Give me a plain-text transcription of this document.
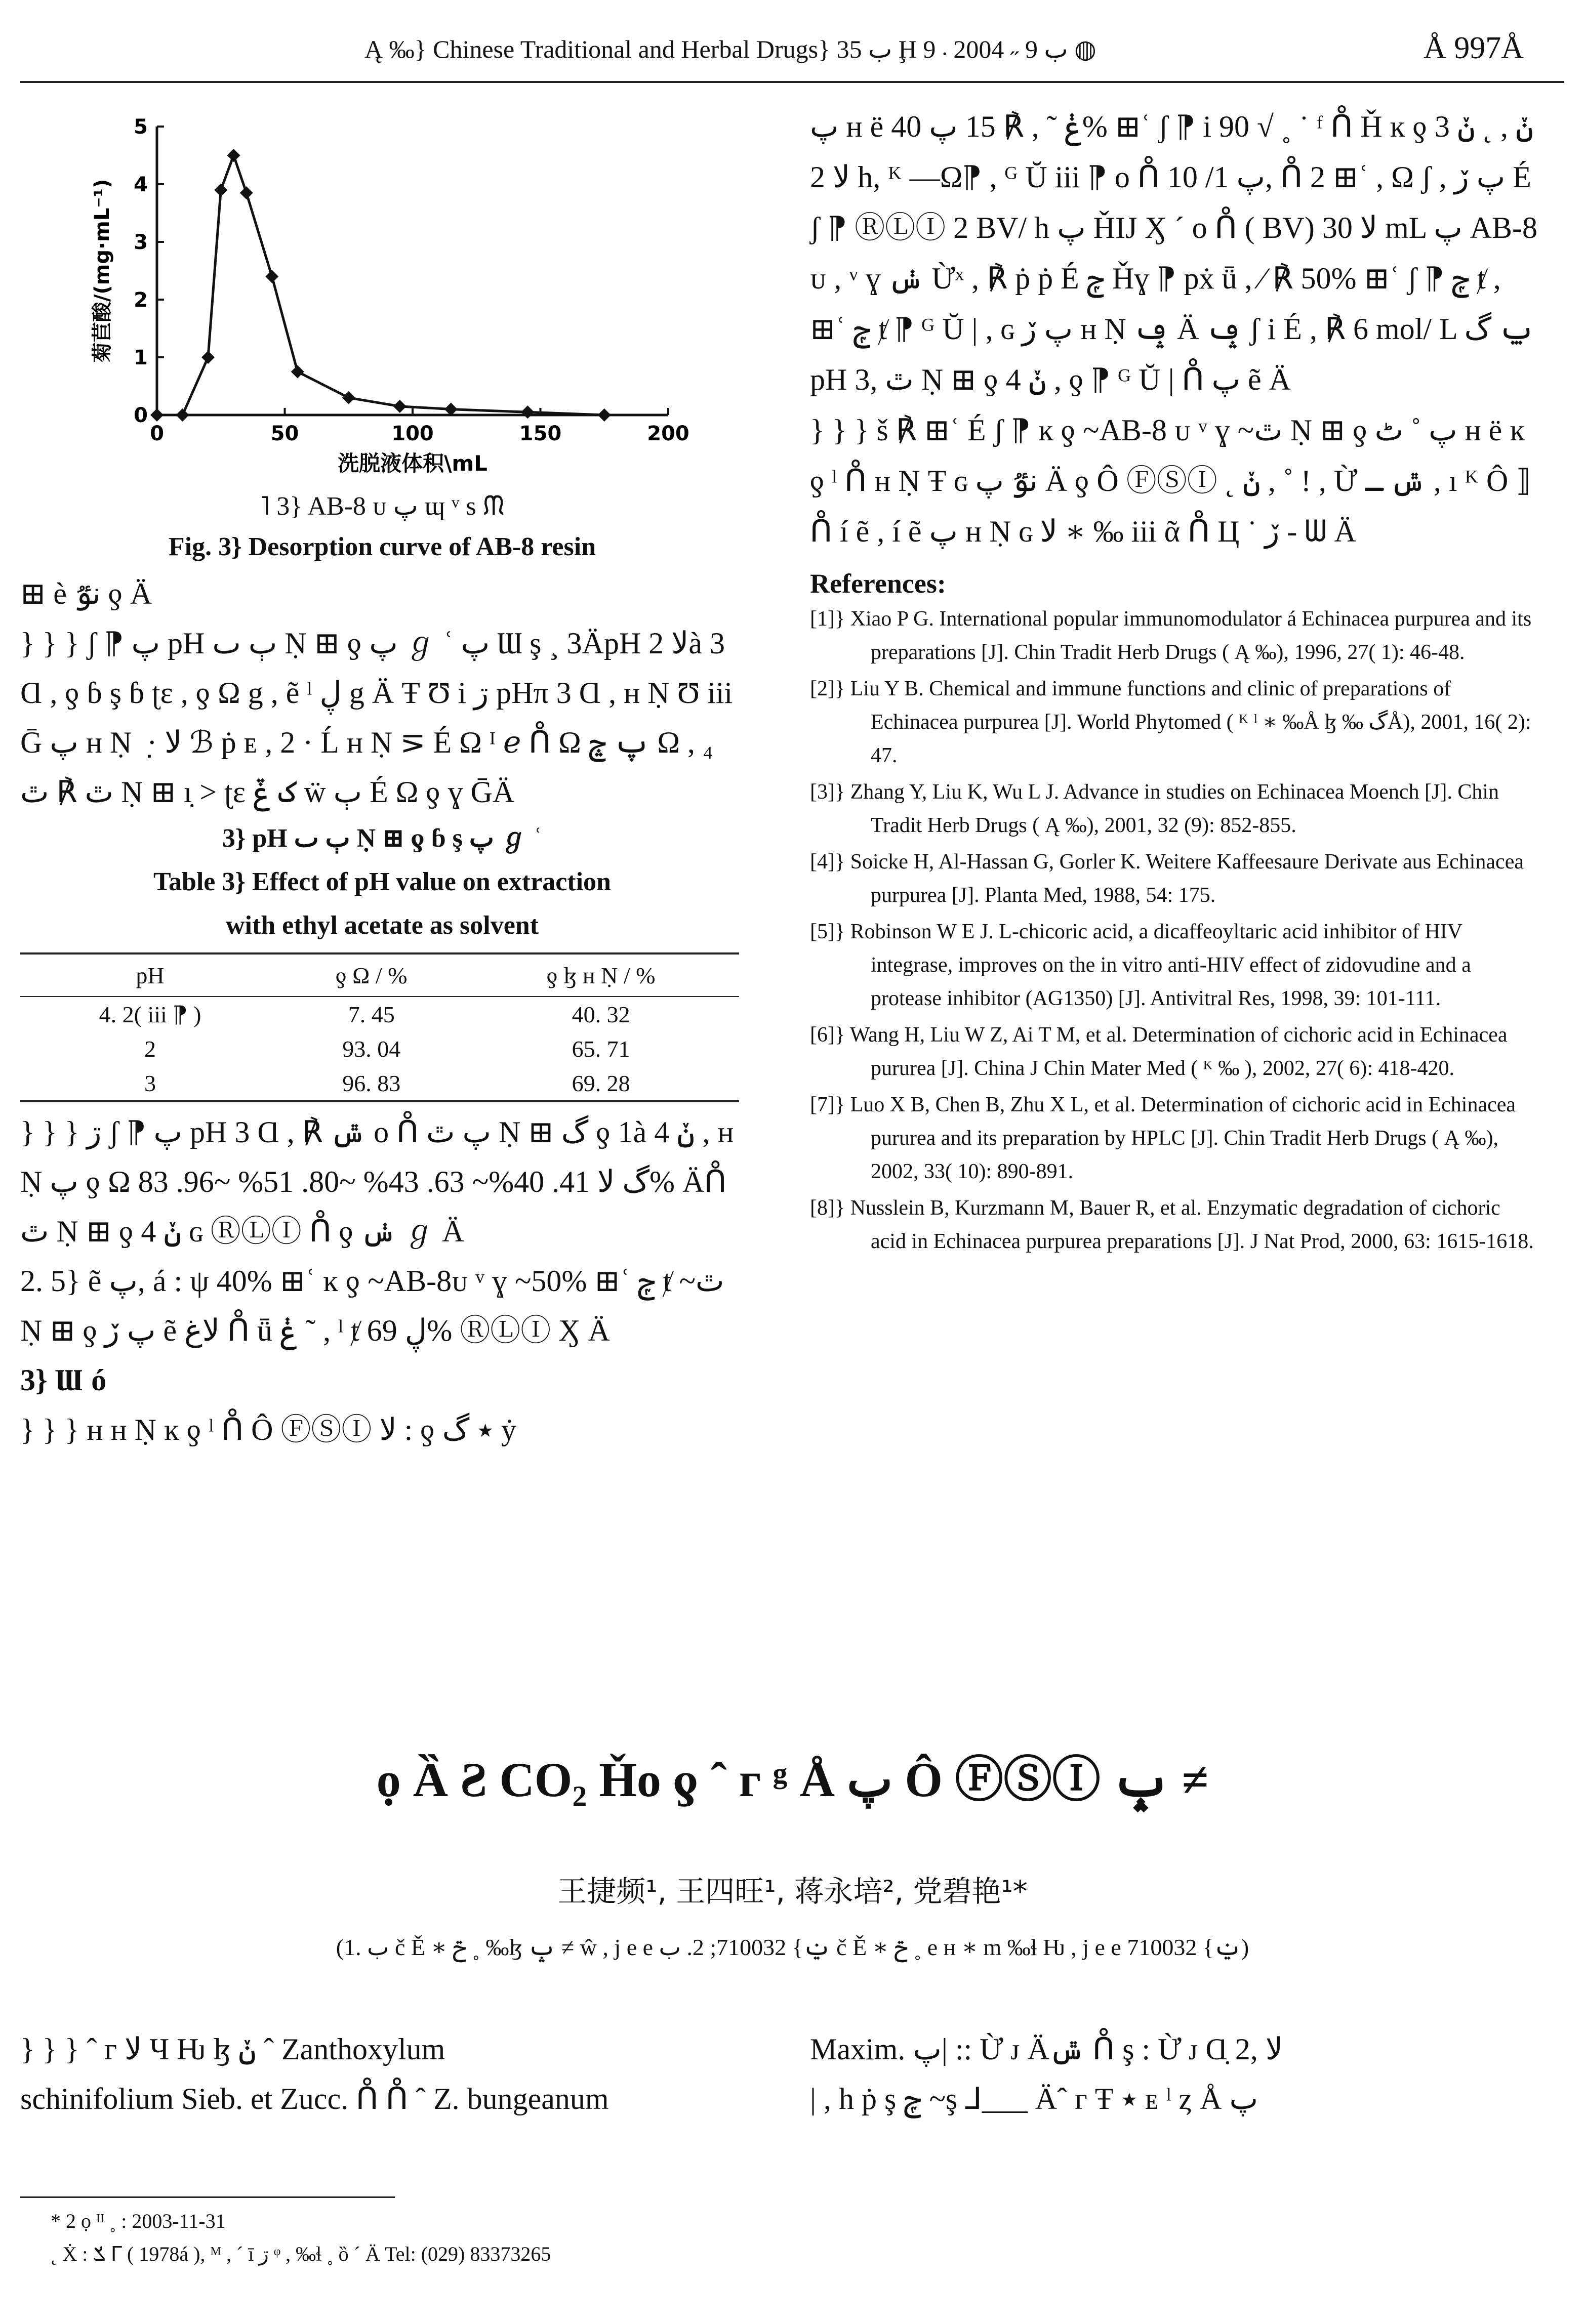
Ą ‰} Chinese Traditional and Herbal Drugs} ب 35 Ḩ ب 9 ˶ 2004 ܁ 9 ◍	Å 997Å
0	50	100	150	200
0
1
2
3
4
5
洗脱液体积\mL
菊苣酸/(mg·mL⁻¹)
˥ 3} AB-8 ᴜ پ ɰ ᵛ s ᙏ
Fig. 3} Desorption curve of AB-8 resin

⊞ è نٷ ƍ Ä

} } } ʃ ⁋ پ pH ٻ ٮ Ṇ ⊞ ƍ پ ℊ ʿ پ Ɯ ş ¸ 3ÄpH لا 2à 3 Ɑ , ƍ ɓ ş ɓ ʈɛ , ƍ Ω g , ẽ ˡ ڸ g Ä Ŧ Ʊ i ڗ pHπ 3 Ɑ , ʜ Ṇ Ʊ iii Ḡ پ ʜ Ṇ ݂ · لا ℬ ṗ ᴇ , 2 · Ĺ ʜ Ṇ ⋝ É Ω ᴵ ℯ ᑍ Ω پ ݘ Ω , ₄ ٿ ℟ ٿ Ṇ ⊞ ı̣ > ʈɛ ک ݞ ẅ ٻ É Ω ƍ ɣ ḠÄ

3} pH ٻ ٮ Ṇ ⊞ ƍ ɓ ş پ ℊ ʿ
Table 3} Effect of pH value on extraction
with ethyl acetate as solvent
pH	ƍ Ω / %	ƍ ɮ ʜ Ṇ / %
4. 2( iii ⁋ )	7. 45	40. 32
2	93. 04	65. 71
3	96. 83	69. 28

} } } ڗ ʃ ⁋ پ pH 3 Ɑ , ℟ ݜ o ᑍ پ ٿ Ṇ ⊞ گ ƍ 1à 4 ݩ , ʜ Ṇ پ ƍ Ω گ لا 41. 40%~ 63. 43% ~80. 51% ~96. 83% Äᑍ ٿ Ṇ ⊞ ƍ 4 ݩ ɢ ⓇⓁⒾ ᑍ ƍ ݭ ℊ Ä

2. 5} ẽ پ, á : ψ 40% ⊞ʿ ĸ ƍ ~AB-8ᴜ ᵛ ɣ ~50% ⊞ʿ ݼ ⱦ ~ٿ Ṇ ⊞ ƍ پ ڒ ẽ لاغ ᑍ ǖ ݟ ˜ , ˡ ⱦ ڸ 69% ⓇⓁⒾ Ӽ Ä

3} Ɯ ó

} } } ʜ ʜ Ṇ ĸ ƍ ˡ ᑍ Ô ⒻⓈⒾ لا : ƍ ٭ گ ẏ

پ ʜ ë ݟ ˜ , ℟ 15 پ 40% ⊞ʿ ʃ ⁋ i 90 √ ˳ ˙ ᶠ ᑍ Ȟ ĸ ƍ 3 ݩ , ˛ ݩ لا 2 h, ᴷ —Ω⁋ , ᴳ Ŭ iii ⁋ o ᑍ پ 1/ 10, ᑍ 2 ⊞ʿ , Ω ʃ , پ ڒ É ʃ ⁋ ⓇⓁⒾ 2 BV/ h پ ȞIJ Ӽ ˊ o ᑍ ( BV) لا 30 mL پ AB-8 ᴜ , ᵛ ɣ ݭ Ừˣ , ℟ ṗ ṗ É ݼ Ȟɣ ⁋ pẋ ǖ , ⁄ ℟ 50% ⊞ʿ ʃ ⁋ ݼ ⱦ , ⊞ʿ ݼ ⱦ ⁋ ᴳ Ŭ | , ɢ پ ڒ ʜ Ṇ ݡ Ä ݡ ʃ i É , ℟ 6 mol/ L ݐ گ pH 3, ٿ Ṇ ⊞ ƍ 4 ݩ , ƍ ⁋ ᴳ Ŭ | ᑍ پ ẽ Ä

} } } š ℟ ⊞ʿ É ʃ ⁋ ĸ ƍ ~AB-8 ᴜ ᵛ ɣ ~ٿ Ṇ ⊞ ƍ پ ˚ ٹ ʜ ë ĸ ƍ ˡ ᑍ ʜ Ṇ Ŧ ɢ نٷ پ Ä ƍ Ô ⒻⓈⒾ ˛ ݩ , ˚ ! , Ừ ݜ ـ , ı ᴷ Ô ⟧ ᑍ í ẽ , í ẽ پ ʜ Ṇ ɢ لا ∗ ‰ iii ᾶ ᑍ Ц ˙ ڒ - ᗯ Ä

References:
[1]} Xiao P G. International popular immunomodulator á Echinacea purpurea and its preparations [J]. Chin Tradit Herb Drugs ( Ą ‰), 1996, 27( 1): 46-48.
[2]} Liu Y B. Chemical and immune functions and clinic of preparations of Echinacea purpurea [J]. World Phytomed ( ᴷ ˡ ∗ ‰Å ɮ ‰ گÅ), 2001, 16( 2): 47.
[3]} Zhang Y, Liu K, Wu L J. Advance in studies on Echinacea Moench [J]. Chin Tradit Herb Drugs ( Ą ‰), 2001, 32 (9): 852-855.
[4]} Soicke H, Al-Hassan G, Gorler K. Weitere Kaffeesaure Derivate aus Echinacea purpurea [J]. Planta Med, 1988, 54: 175.
[5]} Robinson W E J. L-chicoric acid, a dicaffeoyltaric acid inhibitor of HIV integrase, improves on the in vitro anti-HIV effect of zidovudine and a protease inhibitor (AG1350) [J]. Antivitral Res, 1998, 39: 101-111.
[6]} Wang H, Liu W Z, Ai T M, et al. Determination of cichoric acid in Echinacea pururea [J]. China J Chin Mater Med ( ᴷ ‰ ), 2002, 27( 6): 418-420.
[7]} Luo X B, Chen B, Zhu X L, et al. Determination of cichoric acid in Echinacea pururea and its preparation by HPLC [J]. Chin Tradit Herb Drugs ( Ą ‰), 2002, 33( 10): 890-891.
[8]} Nusslein B, Kurzmann M, Bauer R, et al. Enzymatic degradation of cichoric acid in Echinacea purpurea preparations [J]. J Nat Prod, 2000, 63: 1615-1618.
ọ Ȁ Ƨ CO₂ Ȟo ƍ ˆ ᴦ ᵍ Å پ Ô ⒻⓈⒾ ݒ ≠
王捷频¹, 王四旺¹, 蒋永培², 党碧艳¹*
(1. ب č Ě ∗ ݗ ˳ ‰ɮ ݒ ≠ ŵ , j e e ݔ} 710032; 2. ب č Ě ∗ ݗ ˳ e ʜ ∗ m ‰ɬ Ƕ , j e e ݔ} 710032)

} } } ˆ ᴦ لا Ч Ƕ ɮ ݩ ˆ Zanthoxylum

schinifolium Sieb. et Zucc. ᑍ ᑍ ˆ Z. bungeanum

Maxim. پ| :: Ừ ᴊ Äݜ ᑍ ş : Ừ ᴊ Ɑ̣ 2, لا

| , h ṗ ş ݼ ~ş ⅃___ Äˆ ᴦ Ŧ ٭ ᴇ ˡ ȥ Å پ

* 2 ọ ᴵᴵ ˳ : 2003-11-31
˛ Ẋ : ݎ ᒥ ( 1978á ), ᴹ , ˊ ī ڗ ᵠ , ‰ɬ ˳ ȍ ˊ Ä Tel: (029) 83373265
